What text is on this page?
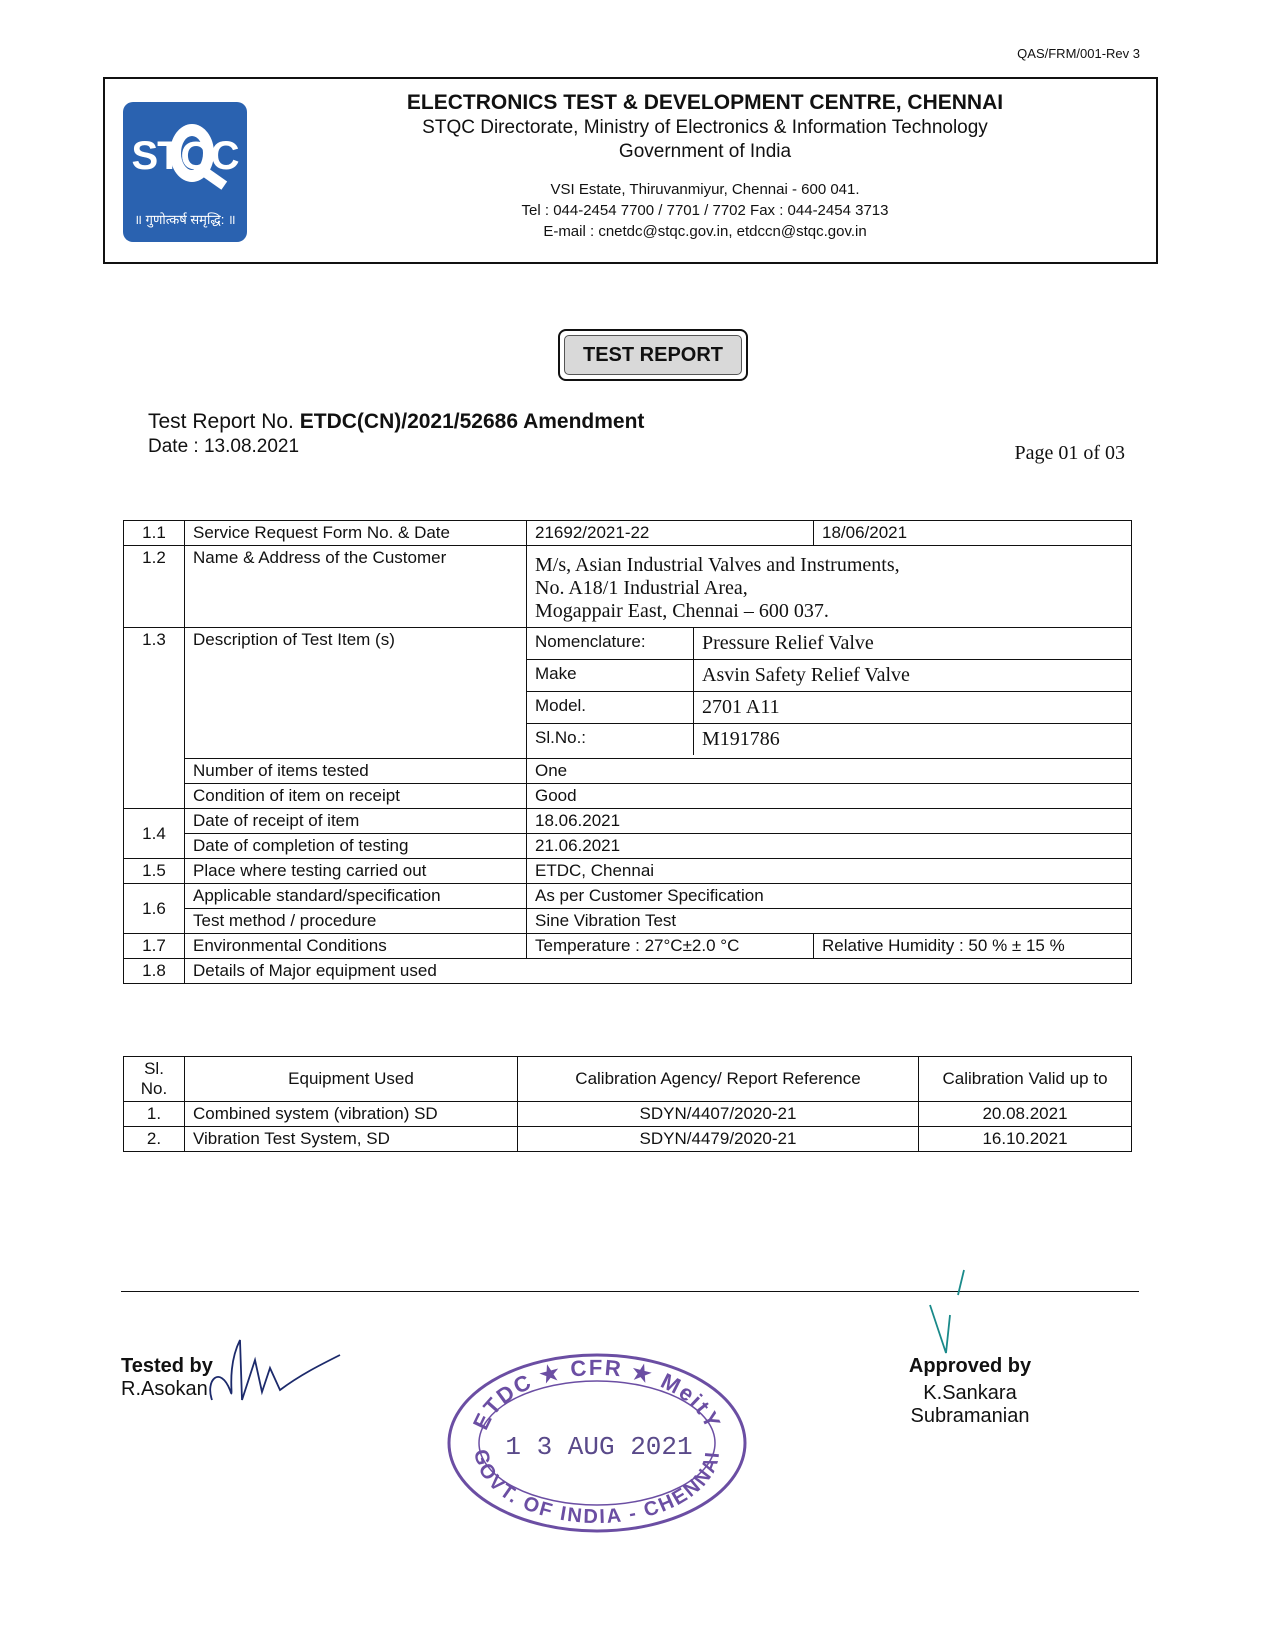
QAS/FRM/001-Rev 3
STQC
॥ गुणोत्कर्ष समृद्धि: ॥
ELECTRONICS TEST & DEVELOPMENT CENTRE, CHENNAI
STQC Directorate, Ministry of Electronics & Information Technology
Government of India
VSI Estate, Thiruvanmiyur, Chennai - 600 041.
Tel : 044-2454 7700 / 7701 / 7702 Fax : 044-2454 3713
E-mail : cnetdc@stqc.gov.in, etdccn@stqc.gov.in
TEST REPORT
Test Report No. ETDC(CN)/2021/52686 Amendment
Date : 13.08.2021	Page 01 of 03
1.1	Service Request Form No. & Date	21692/2021-22	18/06/2021
1.2	Name & Address of the Customer	M/s, Asian Industrial Valves and Instruments,
No. A18/1 Industrial Area,
Mogappair East, Chennai – 600 037.

1.3	Description of Test Item (s)		Nomenclature:	Pressure Relief Valve
Make	Asvin Safety Relief Valve
Model.	2701 A11
Sl.No.:	M191786

Number of items tested	One
Condition of item on receipt	Good
1.4	Date of receipt of item	18.06.2021
Date of completion of testing	21.06.2021
1.5	Place where testing carried out	ETDC, Chennai
1.6	Applicable standard/specification	As per Customer Specification
Test method / procedure	Sine Vibration Test
1.7	Environmental Conditions	Temperature : 27°C±2.0 °C	Relative Humidity : 50 % ± 15 %
1.8	Details of Major equipment used
Sl. No.	Equipment Used	Calibration Agency/ Report Reference	Calibration Valid up to
1.	Combined system (vibration) SD	SDYN/4407/2020-21	20.08.2021
2.	Vibration Test System, SD	SDYN/4479/2020-21	16.10.2021
Tested by
R.Asokan
Approved by
K.Sankara Subramanian
ETDC ★ CFR ★ MeitY
GOVT. OF INDIA - CHENNAI
1 3 AUG 2021
